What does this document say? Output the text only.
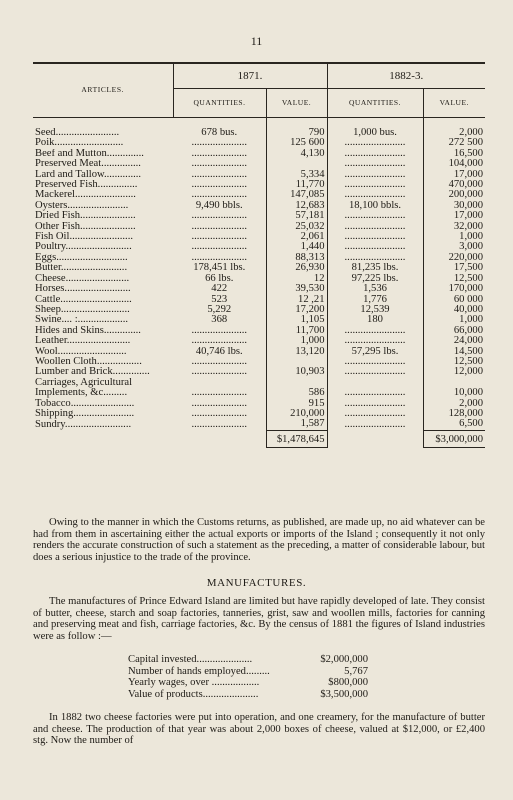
11
ARTICLES.	1871.		1882-3.	
	QUANTITIES.	VALUE.	QUANTITIES.	VALUE.
Seed........................	678 bus.	790	1,000 bus.	2,000
Poik..........................	.....................	125 600	.......................	272 500
Beef and Mutton..............	.....................	4,130	.......................	16,500
Preserved Meat...............	.....................		.......................	104,000
Lard and Tallow..............	.....................	5,334	.......................	17,000
Preserved Fish...............	.....................	11,770	.......................	470,000
Mackerel.......................	.....................	147,085	.......................	200,000
Oysters.......................	9,490 bbls.	12,683	18,100 bbls.	30,000
Dried Fish.....................	.....................	57,181	.......................	17,000
Other Fish.....................	.....................	25,032	.......................	32,000
Fish Oil........................	.....................	2,061	.......................	1,000
Poultry.........................	.....................	1,440	.......................	3,000
Eggs...........................	.....................	88,313	.......................	220,000
Butter.........................	178,451 lbs.	26,930	81,235 lbs.	17,500
Cheese........................	66 lbs.	12	97,225 lbs.	12,500
Horses.........................	422	39,530	1,536	170,000
Cattle...........................	523	12 ,21	1,776	60 000
Sheep..........................	5,292	17,200	12,539	40,000
Swine.... :...................	368	1,105	180	1,000
Hides and Skins..............	.....................	11,700	.......................	66,000
Leather........................	.....................	1,000	.......................	24,000
Wool..........................	40,746 lbs.	13,120	57,295 lbs.	14,500
Woollen Cloth.................	.....................		.......................	12,500
Lumber and Brick..............	.....................	10,903	.......................	12,000
Carriages, Agricultural Implements, &c.........	.....................	586	.......................	10,000
Tobacco........................	.....................	915	.......................	2,000
Shipping.......................	.....................	210,000	.......................	128,000
Sundry.........................	.....................	1,587	.......................	6,500
		$1,478,645		$3,000,000

Owing to the manner in which the Customs returns, as published, are made up, no aid whatever can be had from them in ascertaining either the actual exports or imports of the Island ; consequently it not only renders the accurate construction of such a statement as the preceding, a matter of considerable labour, but does a serious injustice to the trade of the province.

MANUFACTURES.

The manufactures of Prince Edward Island are limited but have rapidly developed of late. They consist of butter, cheese, starch and soap factories, tanneries, grist, saw and woollen mills, factories for canning and preserving meat and fish, carriage factories, &c. By the census of 1881 the figures of Island industries were as follow :—

Capital invested.....................	$2,000,000
Number of hands employed.........	5,767
Yearly wages, over ..................	$800,000
Value of products.....................	$3,500,000

In 1882 two cheese factories were put into operation, and one creamery, for the manufacture of butter and cheese. The production of that year was about 2,000 boxes of cheese, valued at $12,000, or £2,400 stg. Now the number of
